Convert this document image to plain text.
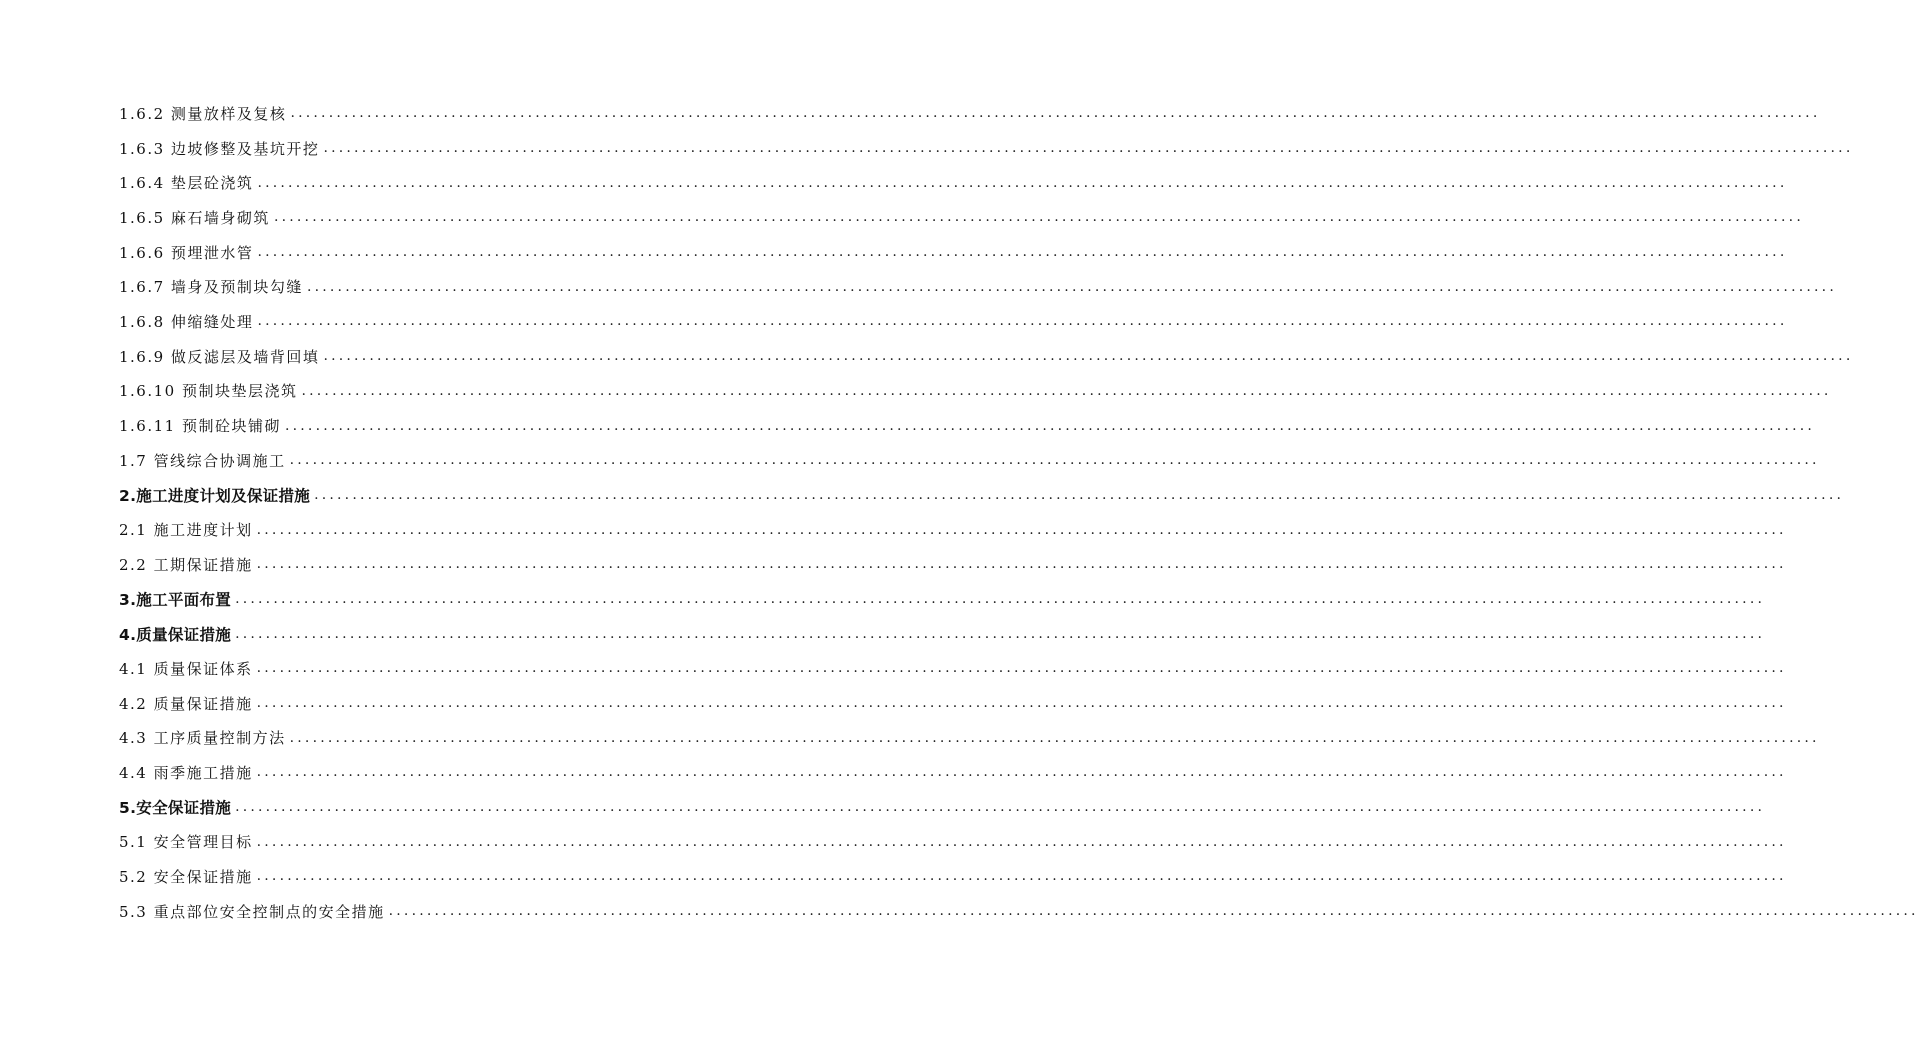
1.6.2 测量放样及复核 ........................................................................................................................................................................................................
1.6.3 边坡修整及基坑开挖 ........................................................................................................................................................................................................
1.6.4 垫层砼浇筑 ........................................................................................................................................................................................................
1.6.5 麻石墙身砌筑 ........................................................................................................................................................................................................
1.6.6 预埋泄水管 ........................................................................................................................................................................................................
1.6.7 墙身及预制块勾缝 ........................................................................................................................................................................................................
1.6.8 伸缩缝处理 ........................................................................................................................................................................................................
1.6.9 做反滤层及墙背回填 ........................................................................................................................................................................................................
1.6.10 预制块垫层浇筑 ........................................................................................................................................................................................................
1.6.11 预制砼块铺砌 ........................................................................................................................................................................................................
1.7 管线综合协调施工 ........................................................................................................................................................................................................
2.施工进度计划及保证措施 ........................................................................................................................................................................................................
2.1 施工进度计划 ........................................................................................................................................................................................................
2.2 工期保证措施 ........................................................................................................................................................................................................
3.施工平面布置 ........................................................................................................................................................................................................
4.质量保证措施 ........................................................................................................................................................................................................
4.1 质量保证体系 ........................................................................................................................................................................................................
4.2 质量保证措施 ........................................................................................................................................................................................................
4.3 工序质量控制方法 ........................................................................................................................................................................................................
4.4 雨季施工措施 ........................................................................................................................................................................................................
5.安全保证措施 ........................................................................................................................................................................................................
5.1 安全管理目标 ........................................................................................................................................................................................................
5.2 安全保证措施 ........................................................................................................................................................................................................
5.3 重点部位安全控制点的安全措施 ........................................................................................................................................................................................................
